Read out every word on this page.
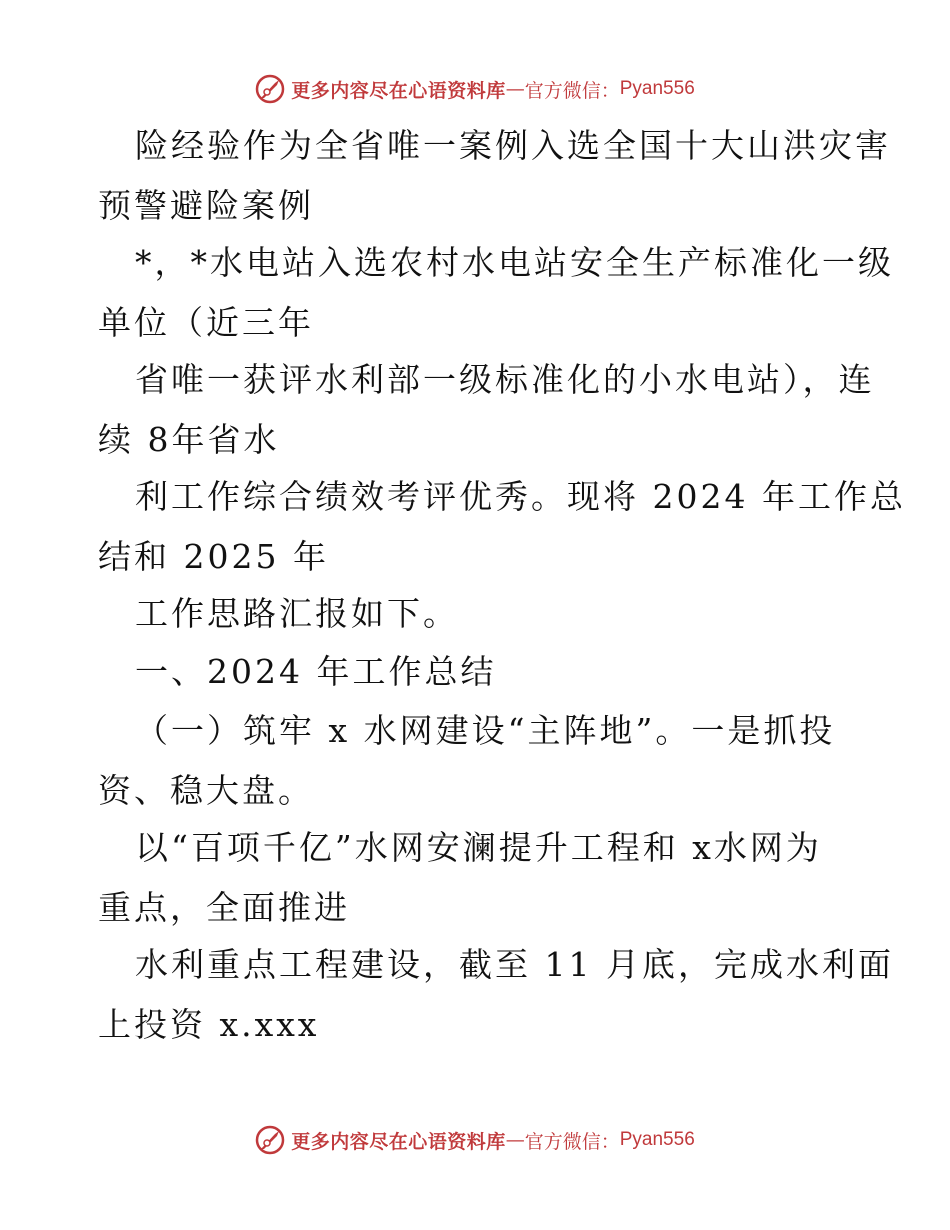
更多内容尽在心语资料库 — 官方微信： Pyan556
险经验作为全省唯一案例入选全国十大山洪灾害
预警避险案例
*，*水电站入选农村水电站安全生产标准化一级
单位（近三年
省唯一获评水利部一级标准化的小水电站），连
续 8年省水
利工作综合绩效考评优秀。现将 2024 年工作总
结和 2025 年
工作思路汇报如下。
一、2024 年工作总结
（一）筑牢 x 水网建设“主阵地”。一是抓投
资、稳大盘。
以“百项千亿”水网安澜提升工程和 x水网为
重点，全面推进
水利重点工程建设，截至 11 月底，完成水利面
上投资 x.xxx
更多内容尽在心语资料库 — 官方微信： Pyan556
